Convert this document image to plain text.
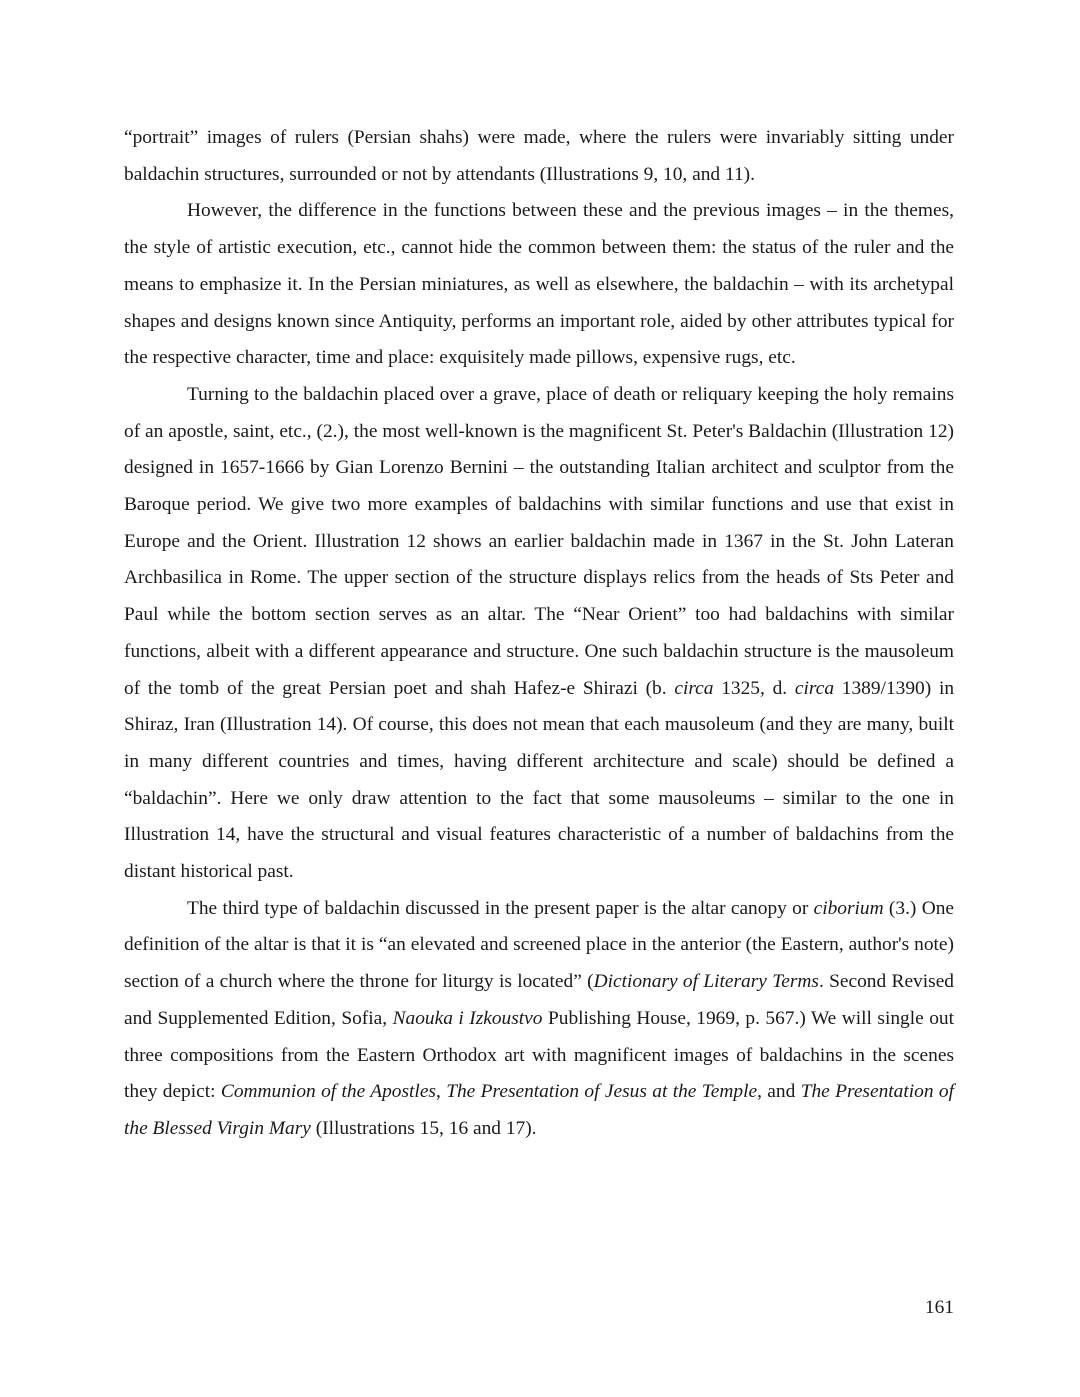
“portrait” images of rulers (Persian shahs) were made, where the rulers were invariably sitting under baldachin structures, surrounded or not by attendants (Illustrations 9, 10, and 11).

However, the difference in the functions between these and the previous images – in the themes, the style of artistic execution, etc., cannot hide the common between them: the status of the ruler and the means to emphasize it. In the Persian miniatures, as well as elsewhere, the baldachin – with its archetypal shapes and designs known since Antiquity, performs an important role, aided by other attributes typical for the respective character, time and place: exquisitely made pillows, expensive rugs, etc.

Turning to the baldachin placed over a grave, place of death or reliquary keeping the holy remains of an apostle, saint, etc., (2.), the most well-known is the magnificent St. Peter's Baldachin (Illustration 12) designed in 1657-1666 by Gian Lorenzo Bernini – the outstanding Italian architect and sculptor from the Baroque period. We give two more examples of baldachins with similar functions and use that exist in Europe and the Orient. Illustration 12 shows an earlier baldachin made in 1367 in the St. John Lateran Archbasilica in Rome. The upper section of the structure displays relics from the heads of Sts Peter and Paul while the bottom section serves as an altar. The “Near Orient” too had baldachins with similar functions, albeit with a different appearance and structure. One such baldachin structure is the mausoleum of the tomb of the great Persian poet and shah Hafez-e Shirazi (b. circa 1325, d. circa 1389/1390) in Shiraz, Iran (Illustration 14). Of course, this does not mean that each mausoleum (and they are many, built in many different countries and times, having different architecture and scale) should be defined a “baldachin”. Here we only draw attention to the fact that some mausoleums – similar to the one in Illustration 14, have the structural and visual features characteristic of a number of baldachins from the distant historical past.

The third type of baldachin discussed in the present paper is the altar canopy or ciborium (3.) One definition of the altar is that it is “an elevated and screened place in the anterior (the Eastern, author's note) section of a church where the throne for liturgy is located” (Dictionary of Literary Terms. Second Revised and Supplemented Edition, Sofia, Naouka i Izkoustvo Publishing House, 1969, p. 567.) We will single out three compositions from the Eastern Orthodox art with magnificent images of baldachins in the scenes they depict: Communion of the Apostles, The Presentation of Jesus at the Temple, and The Presentation of the Blessed Virgin Mary (Illustrations 15, 16 and 17).

161
